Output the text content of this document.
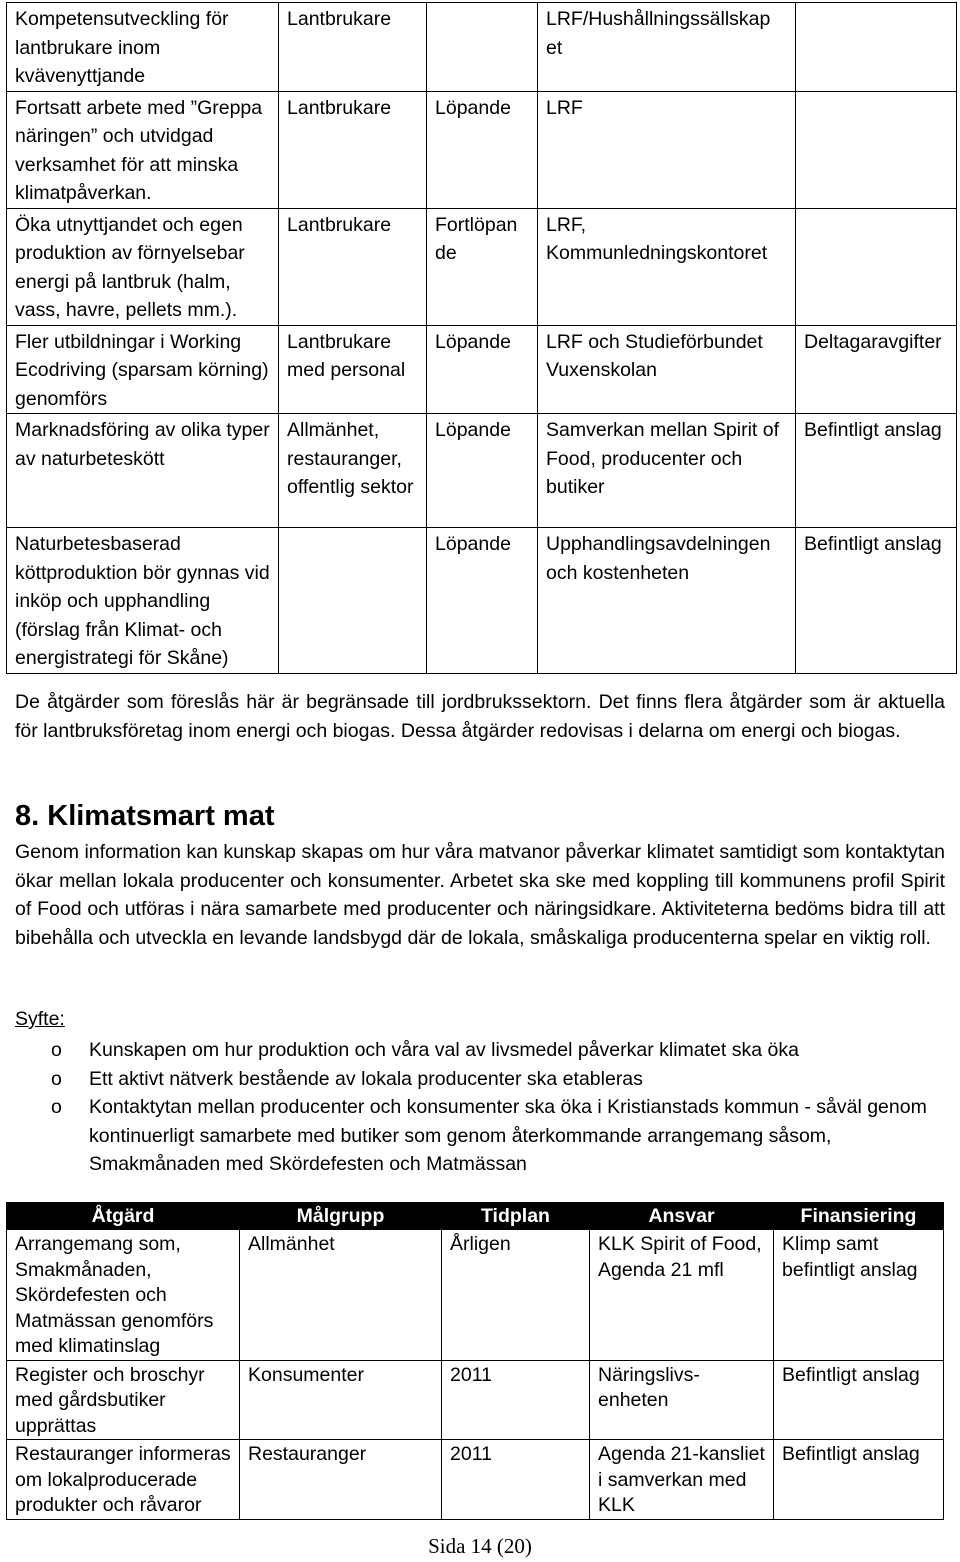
Kompetensutveckling för lantbrukare inom kvävenyttjande	Lantbrukare		LRF/Hushållningssällskap et	
Fortsatt arbete med ”Greppa näringen” och utvidgad verksamhet för att minska klimatpåverkan.	Lantbrukare	Löpande	LRF	
Öka utnyttjandet och egen produktion av förnyelsebar energi på lantbruk (halm, vass, havre, pellets mm.).	Lantbrukare	Fortlöpan de	LRF, Kommunledningskontoret	
Fler utbildningar i Working Ecodriving (sparsam körning) genomförs	Lantbrukare med personal	Löpande	LRF och Studieförbundet Vuxenskolan	Deltagaravgifter
Marknadsföring av olika typer av naturbeteskött	Allmänhet, restauranger, offentlig sektor	Löpande	Samverkan mellan Spirit of Food, producenter och butiker	Befintligt anslag
Naturbetesbaserad köttproduktion bör gynnas vid inköp och upphandling (förslag från Klimat- och energistrategi för Skåne)		Löpande	Upphandlingsavdelningen och kostenheten	Befintligt anslag

De åtgärder som föreslås här är begränsade till jordbrukssektorn. Det finns flera åtgärder som är aktuella för lantbruksföretag inom energi och biogas. Dessa åtgärder redovisas i delarna om energi och biogas.

8. Klimatsmart mat

Genom information kan kunskap skapas om hur våra matvanor påverkar klimatet samtidigt som kontaktytan ökar mellan lokala producenter och konsumenter. Arbetet ska ske med koppling till kommunens profil Spirit of Food och utföras i nära samarbete med producenter och näringsidkare. Aktiviteterna bedöms bidra till att bibehålla och utveckla en levande landsbygd där de lokala, småskaliga producenterna spelar en viktig roll.

Syfte:

o Kunskapen om hur produktion och våra val av livsmedel påverkar klimatet ska öka
o Ett aktivt nätverk bestående av lokala producenter ska etableras
o Kontaktytan mellan producenter och konsumenter ska öka i Kristianstads kommun - såväl genom kontinuerligt samarbete med butiker som genom återkommande arrangemang såsom, Smakmånaden med Skördefesten och Matmässan
Åtgärd	Målgrupp	Tidplan	Ansvar	Finansiering
Arrangemang som, Smakmånaden, Skördefesten och Matmässan genomförs med klimatinslag	Allmänhet	Årligen	KLK Spirit of Food, Agenda 21 mfl	Klimp samt befintligt anslag
Register och broschyr med gårdsbutiker upprättas	Konsumenter	2011	Näringslivs-enheten	Befintligt anslag
Restauranger informeras om lokalproducerade produkter och råvaror	Restauranger	2011	Agenda 21-kansliet i samverkan med KLK	Befintligt anslag

Sida 14 (20)
